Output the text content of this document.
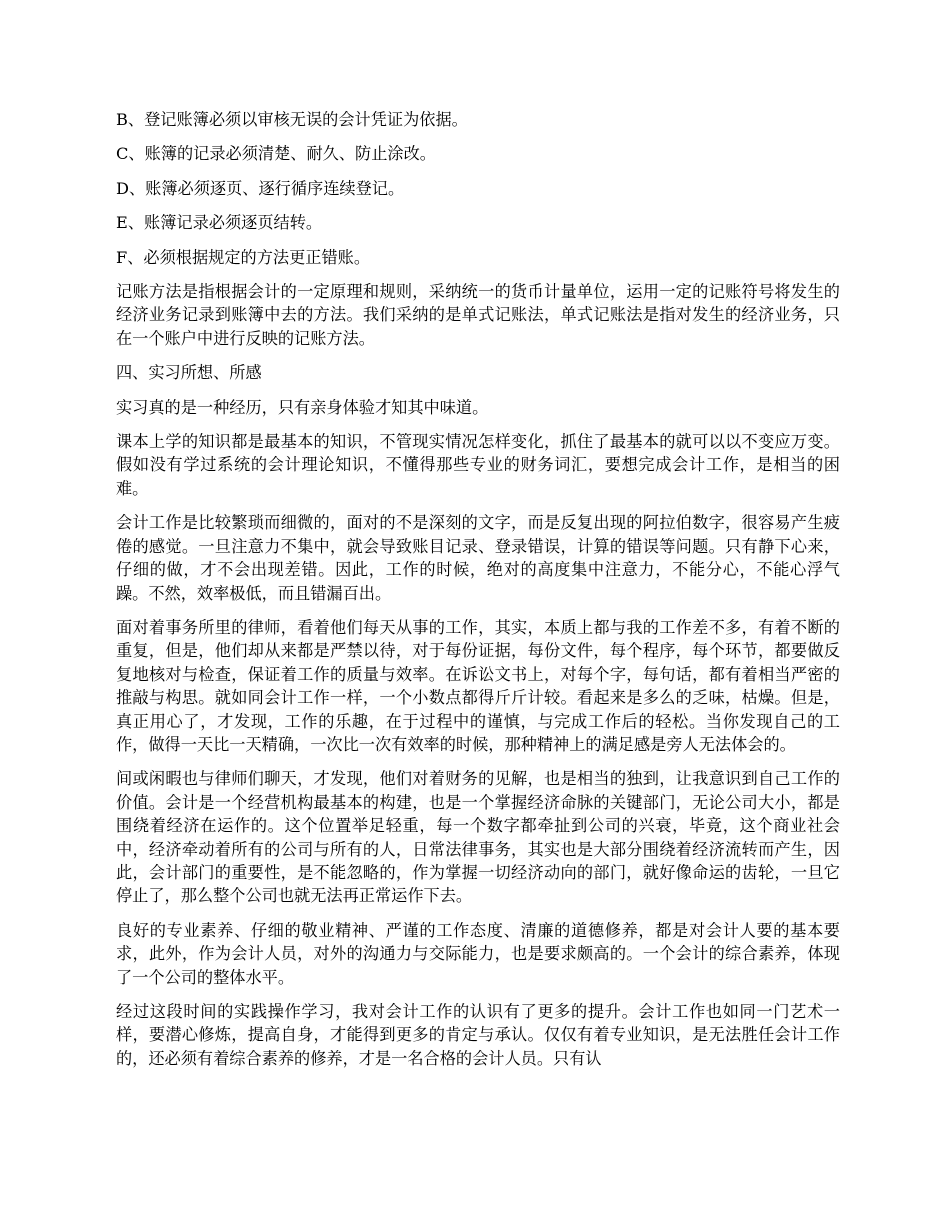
B、登记账簿必须以审核无误的会计凭证为依据。

C、账簿的记录必须清楚、耐久、防止涂改。

D、账簿必须逐页、逐行循序连续登记。

E、账簿记录必须逐页结转。

F、必须根据规定的方法更正错账。

记账方法是指根据会计的一定原理和规则，采纳统一的货币计量单位，运用一定的记账符号将发生的经济业务记录到账簿中去的方法。我们采纳的是单式记账法，单式记账法是指对发生的经济业务，只在一个账户中进行反映的记账方法。

四、实习所想、所感

实习真的是一种经历，只有亲身体验才知其中味道。

课本上学的知识都是最基本的知识，不管现实情况怎样变化，抓住了最基本的就可以以不变应万变。假如没有学过系统的会计理论知识，不懂得那些专业的财务词汇，要想完成会计工作，是相当的困难。

会计工作是比较繁琐而细微的，面对的不是深刻的文字，而是反复出现的阿拉伯数字，很容易产生疲倦的感觉。一旦注意力不集中，就会导致账目记录、登录错误，计算的错误等问题。只有静下心来，仔细的做，才不会出现差错。因此，工作的时候，绝对的高度集中注意力，不能分心，不能心浮气躁。不然，效率极低，而且错漏百出。

面对着事务所里的律师，看着他们每天从事的工作，其实，本质上都与我的工作差不多，有着不断的重复，但是，他们却从来都是严禁以待，对于每份证据，每份文件，每个程序，每个环节，都要做反复地核对与检查，保证着工作的质量与效率。在诉讼文书上，对每个字，每句话，都有着相当严密的推敲与构思。就如同会计工作一样，一个小数点都得斤斤计较。看起来是多么的乏味，枯燥。但是，真正用心了，才发现，工作的乐趣，在于过程中的谨慎，与完成工作后的轻松。当你发现自己的工作，做得一天比一天精确，一次比一次有效率的时候，那种精神上的满足感是旁人无法体会的。

间或闲暇也与律师们聊天，才发现，他们对着财务的见解，也是相当的独到，让我意识到自己工作的价值。会计是一个经营机构最基本的构建，也是一个掌握经济命脉的关键部门，无论公司大小，都是围绕着经济在运作的。这个位置举足轻重，每一个数字都牵扯到公司的兴衰，毕竟，这个商业社会中，经济牵动着所有的公司与所有的人，日常法律事务，其实也是大部分围绕着经济流转而产生，因此，会计部门的重要性，是不能忽略的，作为掌握一切经济动向的部门，就好像命运的齿轮，一旦它停止了，那么整个公司也就无法再正常运作下去。

良好的专业素养、仔细的敬业精神、严谨的工作态度、清廉的道德修养，都是对会计人要的基本要求，此外，作为会计人员，对外的沟通力与交际能力，也是要求颇高的。一个会计的综合素养，体现了一个公司的整体水平。

经过这段时间的实践操作学习，我对会计工作的认识有了更多的提升。会计工作也如同一门艺术一样，要潜心修炼，提高自身，才能得到更多的肯定与承认。仅仅有着专业知识，是无法胜任会计工作的，还必须有着综合素养的修养，才是一名合格的会计人员。只有认
